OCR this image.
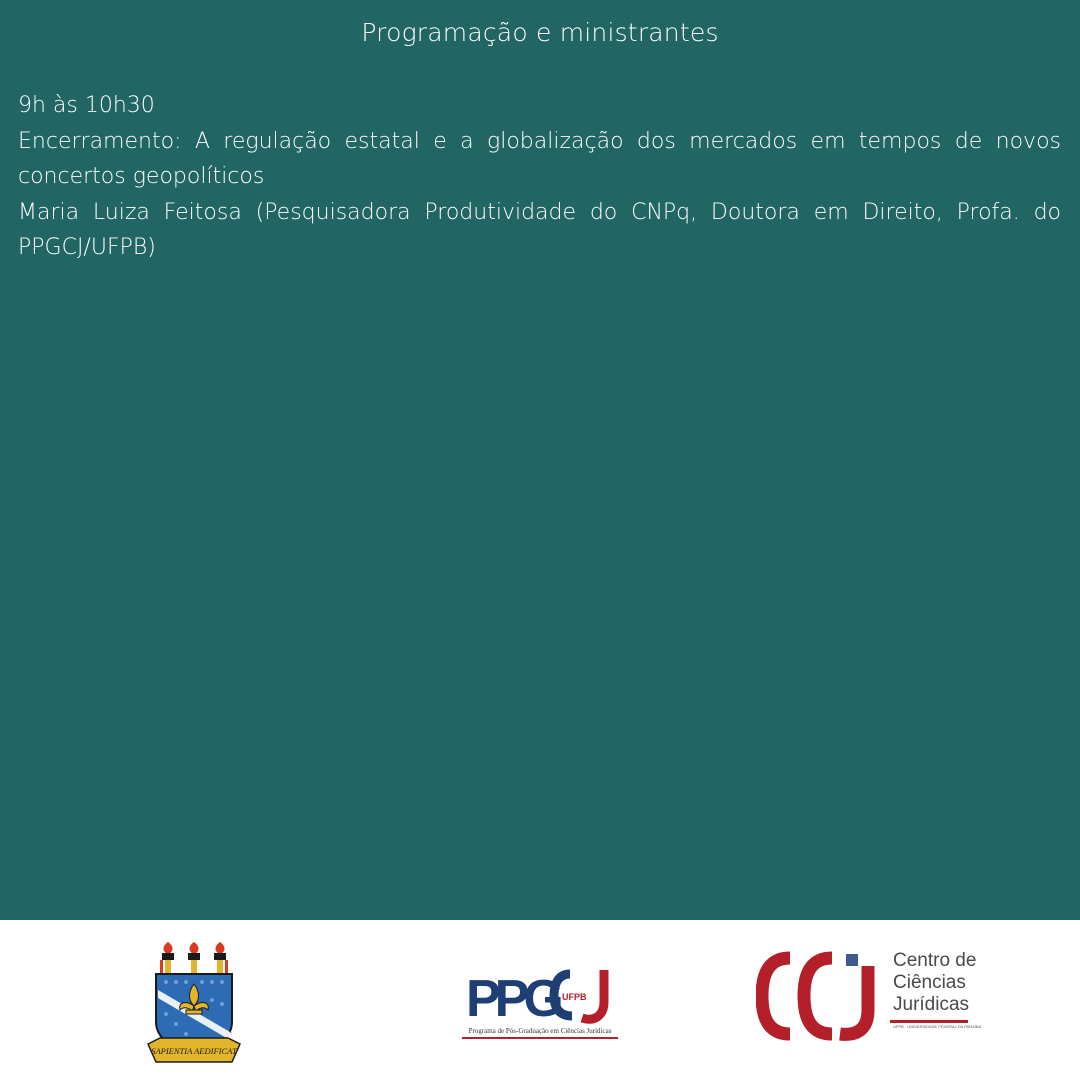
Programação e ministrantes

9h às 10h30

Encerramento: A regulação estatal e a globalização dos mercados em tempos de novos concertos geopolíticos

Maria Luiza Feitosa (Pesquisadora Produtividade do CNPq, Doutora em Direito, Profa. do PPGCJ/UFPB)

SAPIENTIA AEDIFICAT
PPG UFPB
Programa de Pós-Graduação em Ciências Jurídicas
Centro de
Ciências
Jurídicas
UFPB · UNIVERSIDADE FEDERAL DA PARAÍBA
